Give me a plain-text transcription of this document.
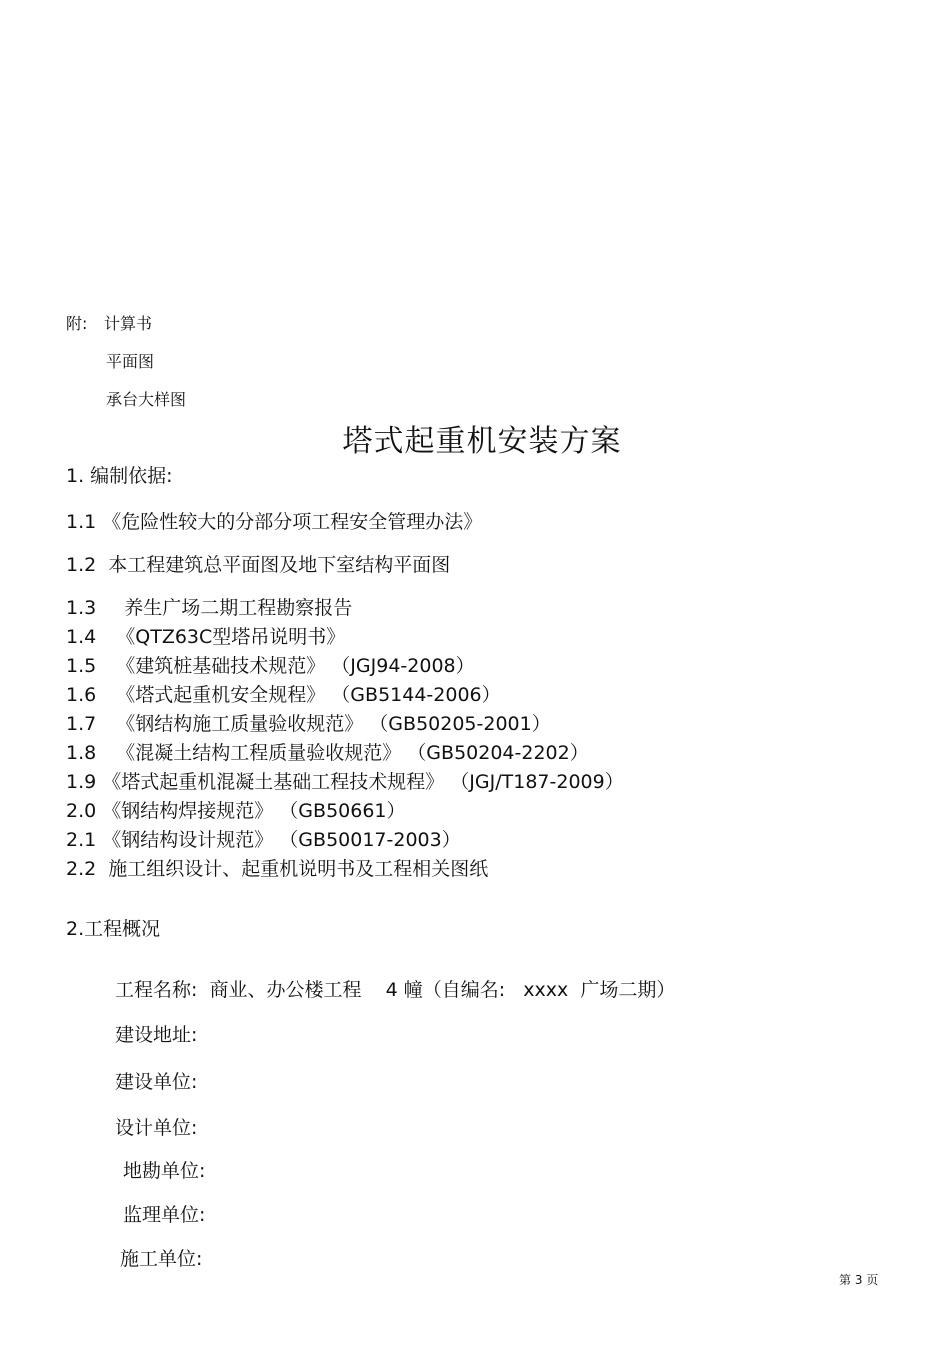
附: 计算书
平面图
承台大样图
塔式起重机安装方案
1. 编制依据:
1.1 《危险性较大的分部分项工程安全管理办法》
1.2 本工程建筑总平面图及地下室结构平面图
1.3 养生广场二期工程勘察报告
1.4 《QTZ63C型塔吊说明书》
1.5 《建筑桩基础技术规范》 （JGJ94-2008）
1.6 《塔式起重机安全规程》 （GB5144-2006）
1.7 《钢结构施工质量验收规范》 （GB50205-2001）
1.8 《混凝土结构工程质量验收规范》 （GB50204-2202）
1.9 《塔式起重机混凝土基础工程技术规程》 （JGJ/T187-2009）
2.0 《钢结构焊接规范》 （GB50661）
2.1 《钢结构设计规范》 （GB50017-2003）
2.2 施工组织设计、起重机说明书及工程相关图纸
2.工程概况
工程名称: 商业、办公楼工程    4 幢（自编名:   xxxx  广场二期）
建设地址:
建设单位:
设计单位:
地勘单位:
监理单位:
施工单位:
第 3 页
